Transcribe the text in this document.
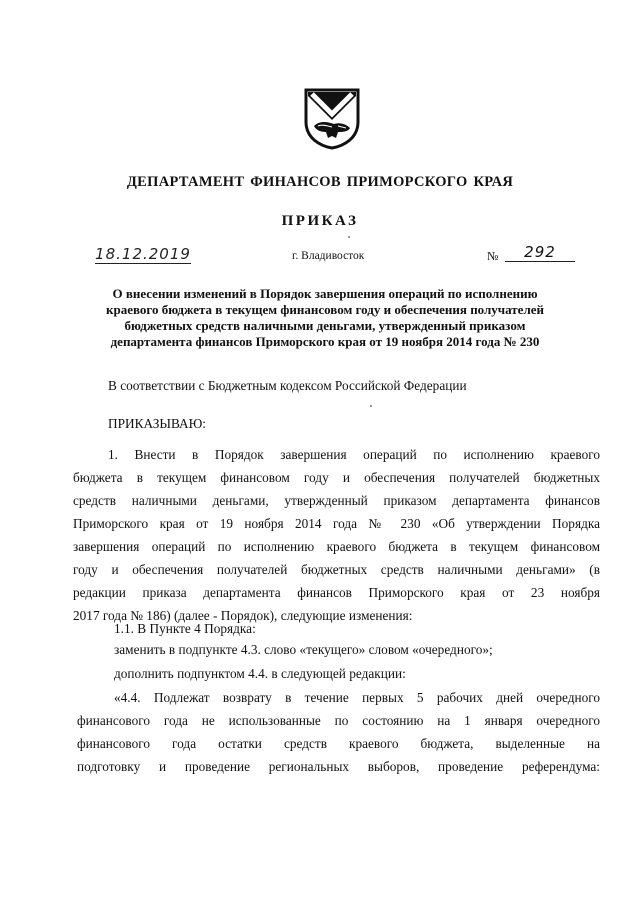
ДЕПАРТАМЕНТ ФИНАНСОВ ПРИМОРСКОГО КРАЯ
ПРИКАЗ
18.12.2019	г. Владивосток	№	292
О внесении изменений в Порядок завершения операций по исполнению
краевого бюджета в текущем финансовом году и обеспечения получателей
бюджетных средств наличными деньгами, утвержденный приказом
департамента финансов Приморского края от 19 ноября 2014 года № 230
В соответствии с Бюджетным кодексом Российской Федерации
ПРИКАЗЫВАЮ:
1. Внести в Порядок завершения операций по исполнению краевого
бюджета в текущем финансовом году и обеспечения получателей бюджетных
средств наличными деньгами, утвержденный приказом департамента финансов
Приморского края от 19 ноября 2014 года № 230 «Об утверждении Порядка
завершения операций по исполнению краевого бюджета в текущем финансовом
году и обеспечения получателей бюджетных средств наличными деньгами» (в
редакции приказа департамента финансов Приморского края от 23 ноября
2017 года № 186) (далее - Порядок), следующие изменения:
1.1. В Пункте 4 Порядка:
заменить в подпункте 4.3. слово «текущего» словом «очередного»;
дополнить подпунктом 4.4. в следующей редакции:
«4.4. Подлежат возврату в течение первых 5 рабочих дней очередного
финансового года не использованные по состоянию на 1 января очередного
финансового года остатки средств краевого бюджета, выделенные на
подготовку и проведение региональных выборов, проведение референдума:
